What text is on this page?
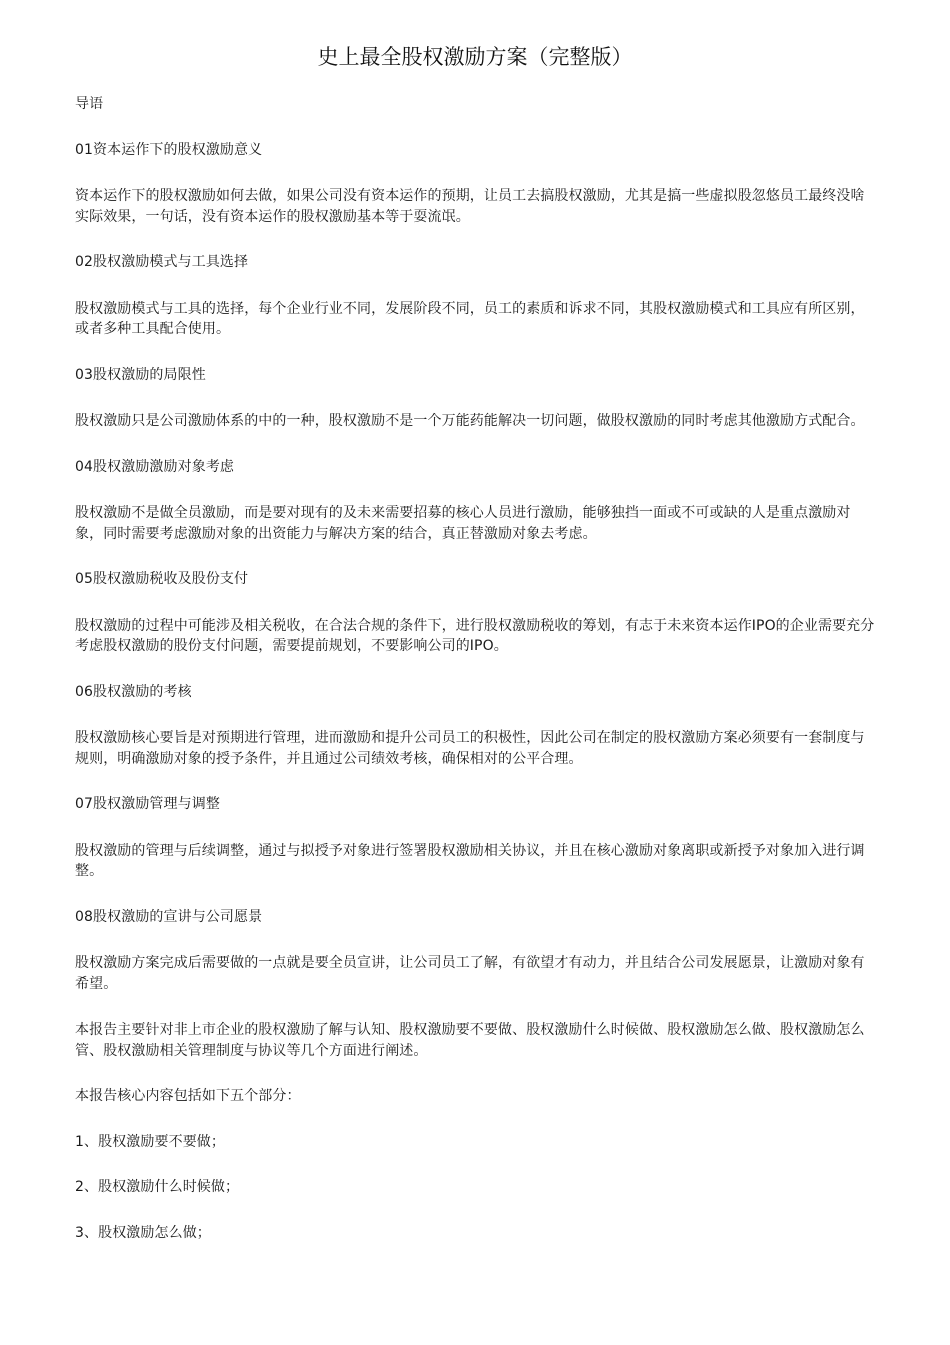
史上最全股权激励方案（完整版）

导语

01资本运作下的股权激励意义

资本运作下的股权激励如何去做，如果公司没有资本运作的预期，让员工去搞股权激励，尤其是搞一些虚拟股忽悠员工最终没啥实际效果，一句话，没有资本运作的股权激励基本等于耍流氓。

02股权激励模式与工具选择

股权激励模式与工具的选择，每个企业行业不同，发展阶段不同，员工的素质和诉求不同，其股权激励模式和工具应有所区别，或者多种工具配合使用。

03股权激励的局限性

股权激励只是公司激励体系的中的一种，股权激励不是一个万能药能解决一切问题，做股权激励的同时考虑其他激励方式配合。

04股权激励激励对象考虑

股权激励不是做全员激励，而是要对现有的及未来需要招募的核心人员进行激励，能够独挡一面或不可或缺的人是重点激励对象，同时需要考虑激励对象的出资能力与解决方案的结合，真正替激励对象去考虑。

05股权激励税收及股份支付

股权激励的过程中可能涉及相关税收，在合法合规的条件下，进行股权激励税收的筹划，有志于未来资本运作IPO的企业需要充分考虑股权激励的股份支付问题，需要提前规划，不要影响公司的IPO。

06股权激励的考核

股权激励核心要旨是对预期进行管理，进而激励和提升公司员工的积极性，因此公司在制定的股权激励方案必须要有一套制度与规则，明确激励对象的授予条件，并且通过公司绩效考核，确保相对的公平合理。

07股权激励管理与调整

股权激励的管理与后续调整，通过与拟授予对象进行签署股权激励相关协议，并且在核心激励对象离职或新授予对象加入进行调整。

08股权激励的宣讲与公司愿景

股权激励方案完成后需要做的一点就是要全员宣讲，让公司员工了解，有欲望才有动力，并且结合公司发展愿景，让激励对象有希望。

本报告主要针对非上市企业的股权激励了解与认知、股权激励要不要做、股权激励什么时候做、股权激励怎么做、股权激励怎么管、股权激励相关管理制度与协议等几个方面进行阐述。

本报告核心内容包括如下五个部分：

1、股权激励要不要做；

2、股权激励什么时候做；

3、股权激励怎么做；
